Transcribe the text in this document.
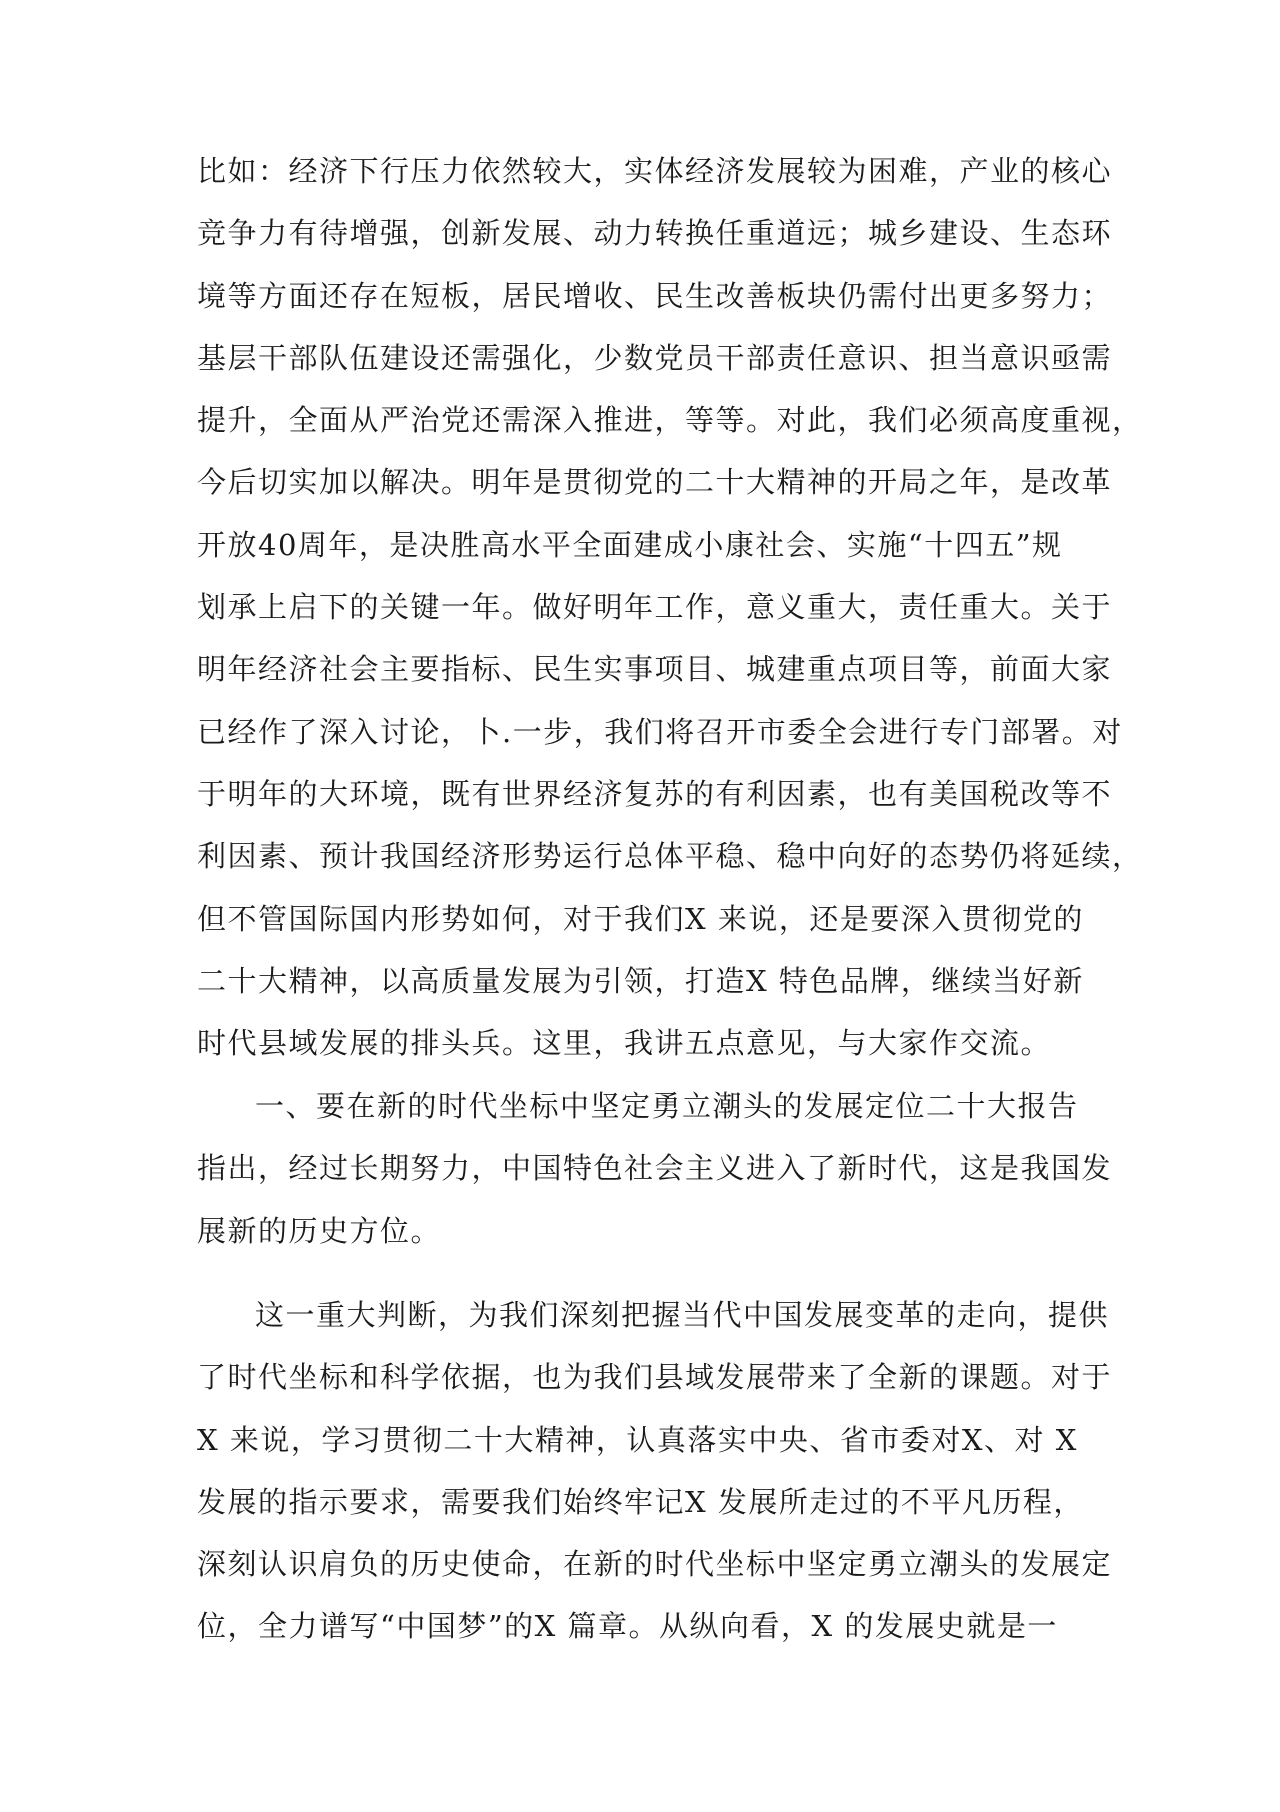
比如：经济下行压力依然较大，实体经济发展较为困难，产业的核心
竞争力有待增强，创新发展、动力转换任重道远；城乡建设、生态环
境等方面还存在短板，居民增收、民生改善板块仍需付出更多努力；
基层干部队伍建设还需强化，少数党员干部责任意识、担当意识亟需
提升，全面从严治党还需深入推进，等等。对此，我们必须高度重视，
今后切实加以解决。明年是贯彻党的二十大精神的开局之年，是改革
开放40周年，是决胜高水平全面建成小康社会、实施“十四五”规
划承上启下的关键一年。做好明年工作，意义重大，责任重大。关于
明年经济社会主要指标、民生实事项目、城建重点项目等，前面大家
已经作了深入讨论，卜.一步，我们将召开市委全会进行专门部署。对
于明年的大环境，既有世界经济复苏的有利因素，也有美国税改等不
利因素、预计我国经济形势运行总体平稳、稳中向好的态势仍将延续，
但不管国际国内形势如何，对于我们X 来说，还是要深入贯彻党的
二十大精神，以高质量发展为引领，打造X 特色品牌，继续当好新
时代县域发展的排头兵。这里，我讲五点意见，与大家作交流。
一、要在新的时代坐标中坚定勇立潮头的发展定位二十大报告
指出，经过长期努力，中国特色社会主义进入了新时代，这是我国发
展新的历史方位。
这一重大判断，为我们深刻把握当代中国发展变革的走向，提供
了时代坐标和科学依据，也为我们县域发展带来了全新的课题。对于
X 来说，学习贯彻二十大精神，认真落实中央、省市委对X、对 X
发展的指示要求，需要我们始终牢记X 发展所走过的不平凡历程，
深刻认识肩负的历史使命，在新的时代坐标中坚定勇立潮头的发展定
位，全力谱写“中国梦”的X 篇章。从纵向看，X 的发展史就是一
